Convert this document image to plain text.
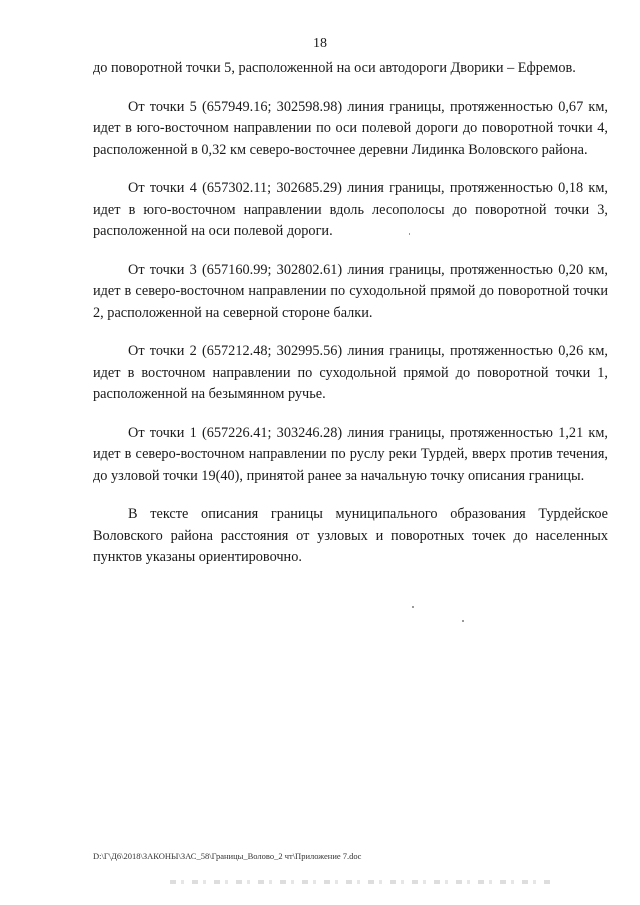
18

до поворотной точки 5, расположенной на оси автодороги Дворики – Ефремов.

От точки 5 (657949.16; 302598.98) линия границы, протяженностью 0,67 км, идет в юго-восточном направлении по оси полевой дороги до поворотной точки 4, расположенной в 0,32 км северо-восточнее деревни Лидинка Воловского района.

От точки 4 (657302.11; 302685.29) линия границы, протяженностью 0,18 км, идет в юго-восточном направлении вдоль лесополосы до поворотной точки 3, расположенной на оси полевой дороги.

От точки 3 (657160.99; 302802.61) линия границы, протяженностью 0,20 км, идет в северо-восточном направлении по суходольной прямой до поворотной точки 2, расположенной на северной стороне балки.

От точки 2 (657212.48; 302995.56) линия границы, протяженностью 0,26 км, идет в восточном направлении по суходольной прямой до поворотной точки 1, расположенной на безымянном ручье.

От точки 1 (657226.41; 303246.28) линия границы, протяженностью 1,21 км, идет в северо-восточном направлении по руслу реки Турдей, вверх против течения, до узловой точки 19(40), принятой ранее за начальную точку описания границы.

В тексте описания границы муниципального образования Турдейское Воловского района расстояния от узловых и поворотных точек до населенных пунктов указаны ориентировочно.

D:\Г\Д6\2018\ЗАКОНЫ\ЗАС_58\Границы_Волово_2 чт\Приложение 7.doc
